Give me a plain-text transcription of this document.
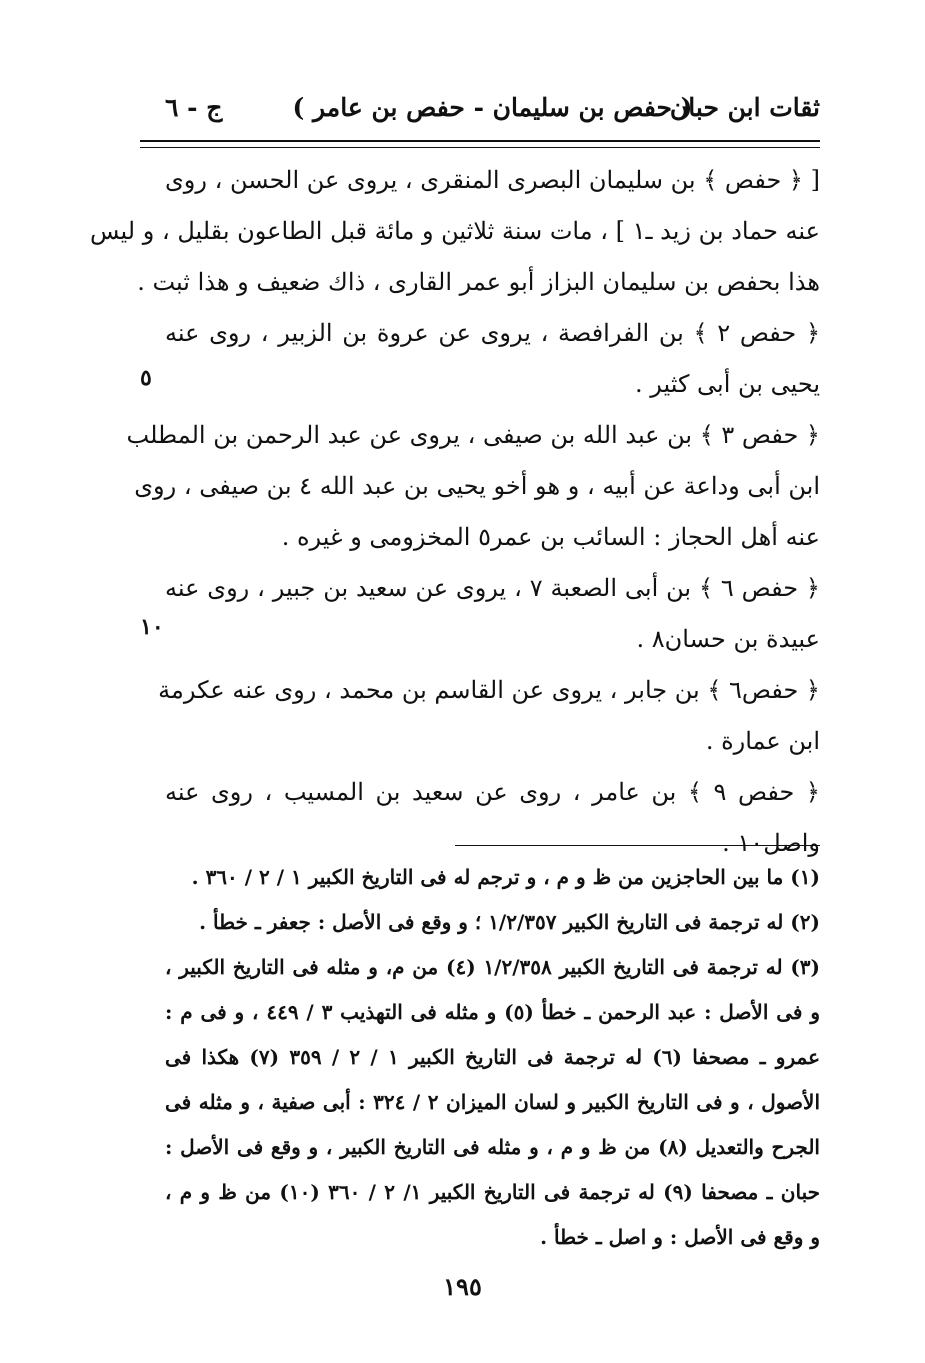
ثقات ابن حبان
( حفص بن سليمان - حفص بن عامر )
ج - ٦
[ ﴿ حفص ﴾ بن سليمان البصرى المنقرى ، يروى عن الحسن ، روى
عنه حماد بن زيد ـ١ ] ، مات سنة ثلاثين و مائة قبل الطاعون بقليل ، و ليس
هذا بحفص بن سليمان البزاز أبو عمر القارى ، ذاك ضعيف و هذا ثبت .
﴿ حفص ٢ ﴾ بن الفرافصة ، يروى عن عروة بن الزبير ، روى عنه
يحيى بن أبى كثير .
﴿ حفص ٣ ﴾ بن عبد الله بن صيفى ، يروى عن عبد الرحمن بن المطلب
ابن أبى وداعة عن أبيه ، و هو أخو يحيى بن عبد الله ٤ بن صيفى ، روى
عنه أهل الحجاز : السائب بن عمر٥ المخزومى و غيره .
﴿ حفص ٦ ﴾ بن أبى الصعبة ٧ ، يروى عن سعيد بن جبير ، روى عنه
عبيدة بن حسان٨ .
﴿ حفص٦ ﴾ بن جابر ، يروى عن القاسم بن محمد ، روى عنه عكرمة
ابن عمارة .
﴿ حفص ٩ ﴾ بن عامر ، روى عن سعيد بن المسيب ، روى عنه
واصل١٠ .
٥
١٠
(١) ما بين الحاجزين من ظ و م ، و ترجم له فى التاريخ الكبير ١ / ٢ / ٣٦٠ .
(٢) له ترجمة فى التاريخ الكبير ١/٢/٣٥٧ ؛ و وقع فى الأصل : جعفر ـ خطأ .
(٣) له ترجمة فى التاريخ الكبير ١/٢/٣٥٨ (٤) من م، و مثله فى التاريخ الكبير ،
و فى الأصل : عبد الرحمن ـ خطأ (٥) و مثله فى التهذيب ٣ / ٤٤٩ ، و فى م :
عمرو ـ مصحفا (٦) له ترجمة فى التاريخ الكبير ١ / ٢ / ٣٥٩ (٧) هكذا فى
الأصول ، و فى التاريخ الكبير و لسان الميزان ٢ / ٣٢٤ : أبى صفية ، و مثله فى
الجرح والتعديل (٨) من ظ و م ، و مثله فى التاريخ الكبير ، و وقع فى الأصل :
حبان ـ مصحفا (٩) له ترجمة فى التاريخ الكبير ١/ ٢ / ٣٦٠ (١٠) من ظ و م ،
و وقع فى الأصل : و اصل ـ خطأ .
١٩٥
